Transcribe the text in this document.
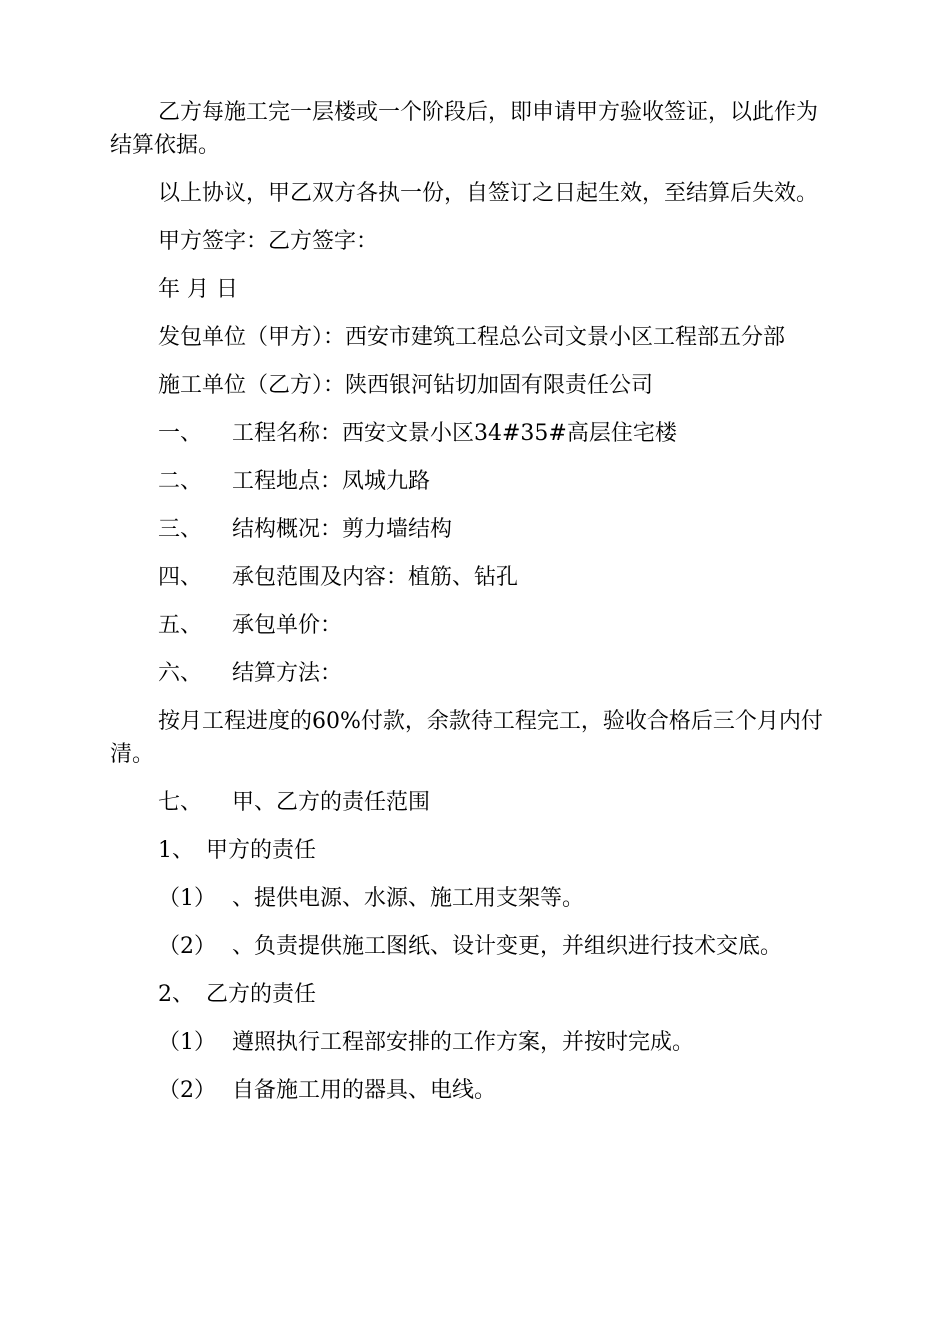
乙方每施工完一层楼或一个阶段后，即申请甲方验收签证，以此作为结算依据。

以上协议，甲乙双方各执一份，自签订之日起生效，至结算后失效。

甲方签字：乙方签字：

年 月 日

发包单位（甲方）：西安市建筑工程总公司文景小区工程部五分部

施工单位（乙方）：陕西银河钻切加固有限责任公司

一、	工程名称：西安文景小区34#35#高层住宅楼
二、	工程地点：凤城九路
三、	结构概况：剪力墙结构
四、	承包范围及内容：植筋、钻孔
五、	承包单价：
六、	结算方法：

按月工程进度的60%付款，余款待工程完工，验收合格后三个月内付清。

七、	甲、乙方的责任范围
1、 甲方的责任
（1） 、提供电源、水源、施工用支架等。
（2） 、负责提供施工图纸、设计变更，并组织进行技术交底。
2、 乙方的责任
（1） 遵照执行工程部安排的工作方案，并按时完成。
（2） 自备施工用的器具、电线。
